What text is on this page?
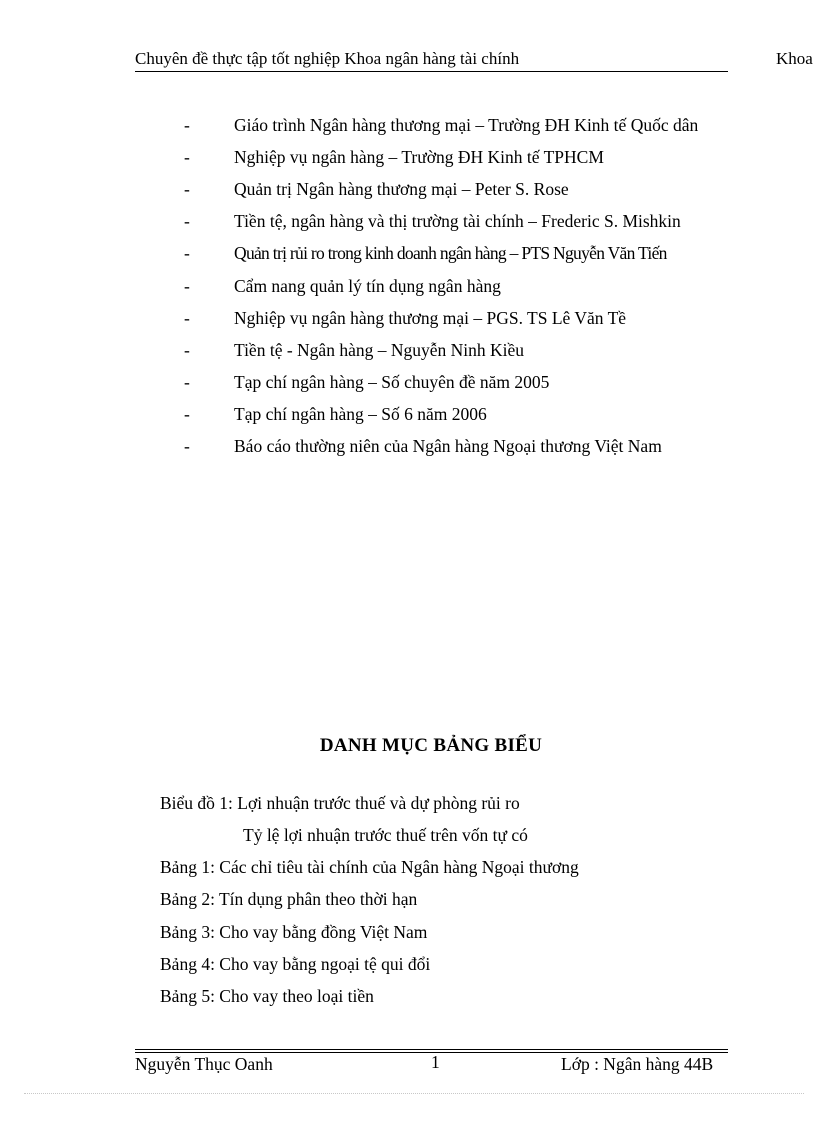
Chuyên đề thực tập tốt nghiệp Khoa ngân hàng tài chính	Khoa
-	Giáo trình Ngân hàng thương mại – Trường ĐH Kinh tế Quốc dân
-	Nghiệp vụ ngân hàng – Trường ĐH Kinh tế TPHCM
-	Quản trị Ngân hàng thương mại – Peter S. Rose
-	Tiền tệ, ngân hàng và thị trường tài chính – Frederic S. Mishkin
-	Quản trị rủi ro trong kinh doanh ngân hàng – PTS Nguyễn Văn Tiến
-	Cẩm nang quản lý tín dụng ngân hàng
-	Nghiệp vụ ngân hàng thương mại – PGS. TS Lê Văn Tề
-	Tiền tệ - Ngân hàng – Nguyễn Ninh Kiều
-	Tạp chí ngân hàng – Số chuyên đề năm 2005
-	Tạp chí ngân hàng – Số 6 năm 2006
-	Báo cáo thường niên của Ngân hàng Ngoại thương Việt Nam
DANH MỤC BẢNG BIỂU
Biểu đồ 1: Lợi nhuận trước thuế và dự phòng rủi ro
Tỷ lệ lợi nhuận trước thuế trên vốn tự có
Bảng 1: Các chỉ tiêu tài chính của Ngân hàng Ngoại thương
Bảng 2: Tín dụng phân theo thời hạn
Bảng 3: Cho vay bằng đồng Việt Nam
Bảng 4: Cho vay bằng ngoại tệ qui đổi
Bảng 5: Cho vay theo loại tiền
Nguyễn Thục Oanh	1	Lớp : Ngân hàng 44B
